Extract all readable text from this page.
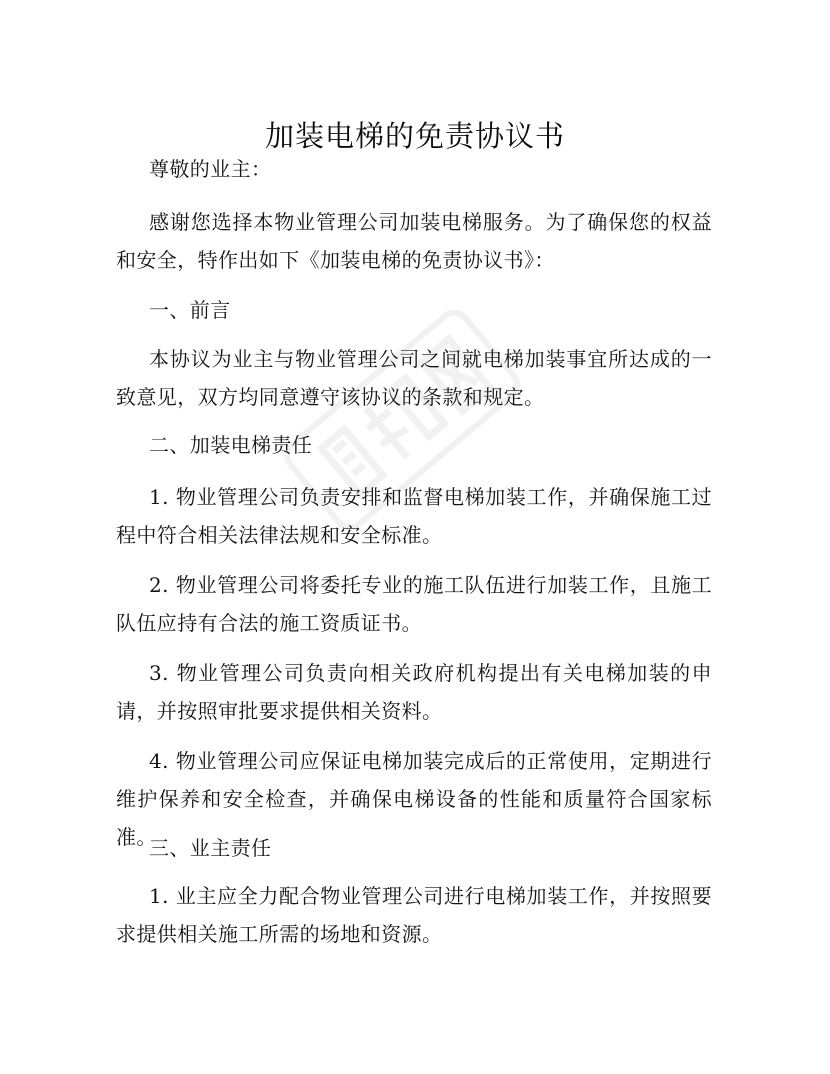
加装电梯的免责协议书

尊敬的业主：

感谢您选择本物业管理公司加装电梯服务。为了确保您的权益和安全，特作出如下《加装电梯的免责协议书》：

一、前言

本协议为业主与物业管理公司之间就电梯加装事宜所达成的一致意见，双方均同意遵守该协议的条款和规定。

二、加装电梯责任

1. 物业管理公司负责安排和监督电梯加装工作，并确保施工过程中符合相关法律法规和安全标准。

2. 物业管理公司将委托专业的施工队伍进行加装工作，且施工队伍应持有合法的施工资质证书。

3. 物业管理公司负责向相关政府机构提出有关电梯加装的申请，并按照审批要求提供相关资料。

4. 物业管理公司应保证电梯加装完成后的正常使用，定期进行维护保养和安全检查，并确保电梯设备的性能和质量符合国家标准。

三、业主责任

1. 业主应全力配合物业管理公司进行电梯加装工作，并按照要求提供相关施工所需的场地和资源。
